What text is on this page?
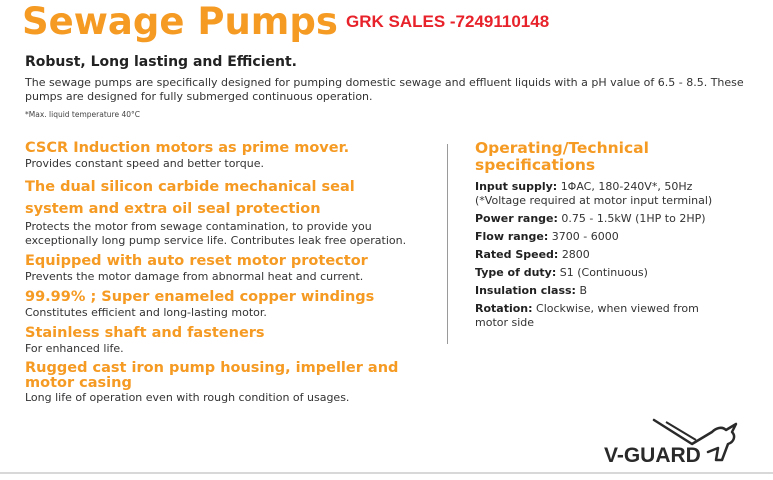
Sewage Pumps GRK SALES -7249110148
Robust, Long lasting and Efficient.
The sewage pumps are specifically designed for pumping domestic sewage and effluent liquids with a pH value of 6.5 - 8.5. These pumps are designed for fully submerged continuous operation.
*Max. liquid temperature 40°C
CSCR Induction motors as prime mover.
Provides constant speed and better torque.
The dual silicon carbide mechanical seal system and extra oil seal protection
Protects the motor from sewage contamination, to provide you exceptionally long pump service life. Contributes leak free operation.
Equipped with auto reset motor protector
Prevents the motor damage from abnormal heat and current.
99.99% ; Super enameled copper windings
Constitutes efficient and long-lasting motor.
Stainless shaft and fasteners
For enhanced life.
Rugged cast iron pump housing, impeller and motor casing
Long life of operation even with rough condition of usages.
Operating/Technical specifications
Input supply: 1ΦAC, 180-240V*, 50Hz (*Voltage required at motor input terminal)
Power range: 0.75 - 1.5kW (1HP to 2HP)
Flow range: 3700 - 6000
Rated Speed: 2800
Type of duty: S1 (Continuous)
Insulation class: B
Rotation: Clockwise, when viewed from motor side
V-GUARD
